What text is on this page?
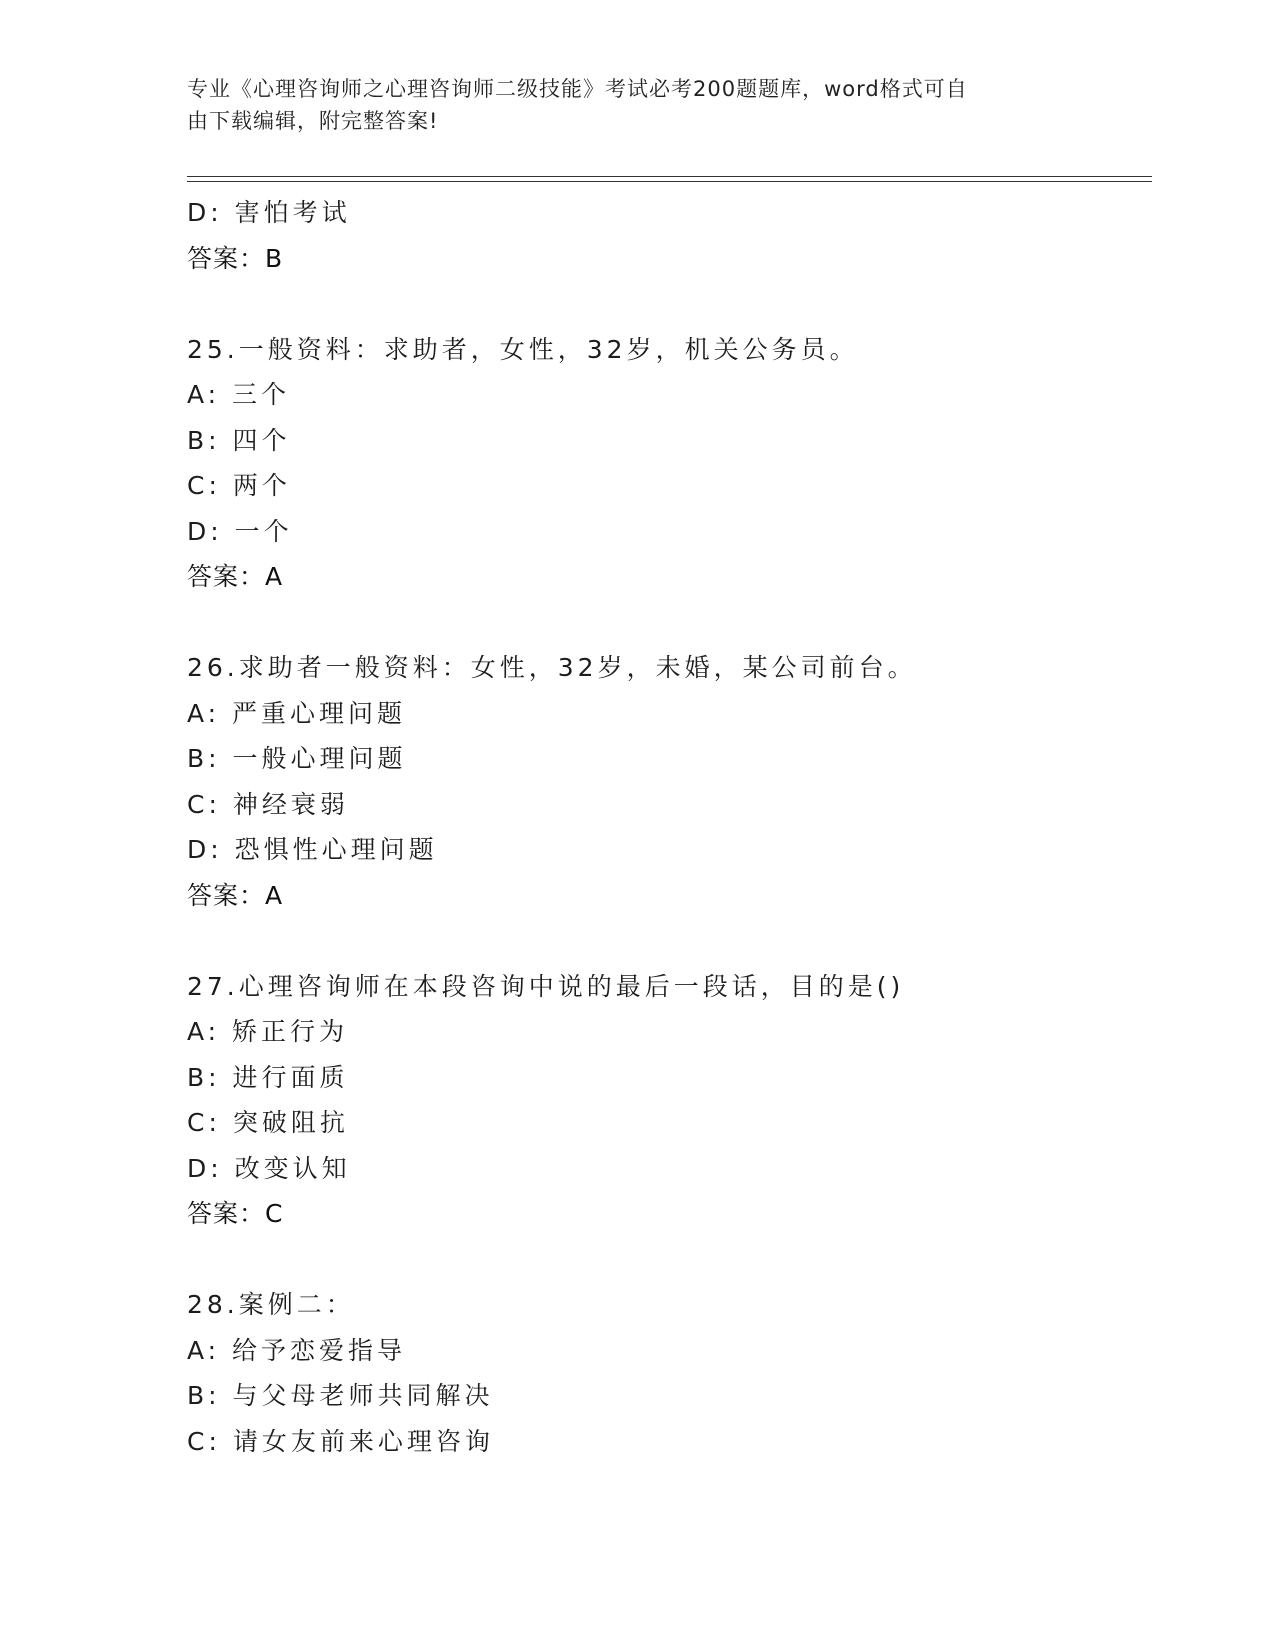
专业《心理咨询师之心理咨询师二级技能》考试必考200题题库，word格式可自
由下载编辑，附完整答案!
D: 害怕考试
答案：B
25.一般资料：求助者，女性，32岁，机关公务员。
A: 三个
B: 四个
C: 两个
D: 一个
答案：A
26.求助者一般资料：女性，32岁，未婚，某公司前台。
A: 严重心理问题
B: 一般心理问题
C: 神经衰弱
D: 恐惧性心理问题
答案：A
27.心理咨询师在本段咨询中说的最后一段话，目的是()
A: 矫正行为
B: 进行面质
C: 突破阻抗
D: 改变认知
答案：C
28.案例二：
A: 给予恋爱指导
B: 与父母老师共同解决
C: 请女友前来心理咨询
